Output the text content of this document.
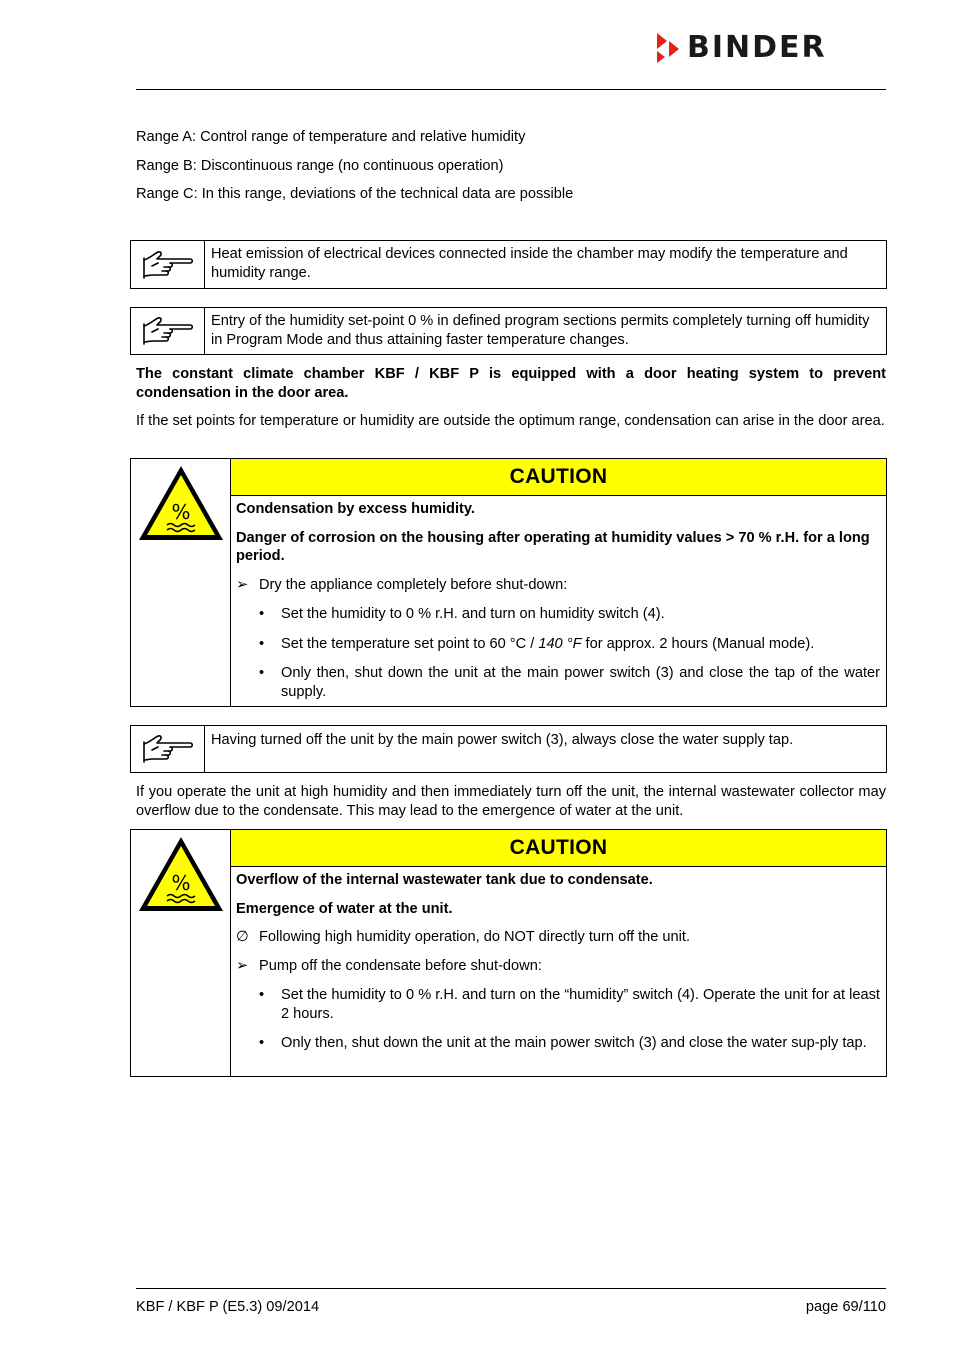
BINDER
Range A: Control range of temperature and relative humidity
Range B: Discontinuous range (no continuous operation)
Range C: In this range, deviations of the technical data are possible
Heat emission of electrical devices connected inside the chamber may modify the temperature and humidity range.
Entry of the humidity set-point 0 % in defined program sections permits completely turning off humidity in Program Mode and thus attaining faster temperature changes.
The constant climate chamber KBF / KBF P is equipped with a door heating system to prevent condensation in the door area.
If the set points for temperature or humidity are outside the optimum range, condensation can arise in the door area.
%
CAUTION

Condensation by excess humidity.

Danger of corrosion on the housing after operating at humidity values > 70 % r.H. for a long period.

➢ Dry the appliance completely before shut-down:
•	Set the humidity to 0 % r.H. and turn on humidity switch (4).
•	Set the temperature set point to 60 °C / 140 °F for approx. 2 hours (Manual mode).
•	Only then, shut down the unit at the main power switch (3) and close the tap of the water supply.
Having turned off the unit by the main power switch (3), always close the water supply tap.
If you operate the unit at high humidity and then immediately turn off the unit, the internal wastewater collector may overflow due to the condensate. This may lead to the emergence of water at the unit.
%
CAUTION

Overflow of the internal wastewater tank due to condensate.

Emergence of water at the unit.

∅ Following high humidity operation, do NOT directly turn off the unit.
➢ Pump off the condensate before shut-down:
•	Set the humidity to 0 % r.H. and turn on the “humidity” switch (4). Operate the unit for at least 2 hours.
•	Only then, shut down the unit at the main power switch (3) and close the water sup-ply tap.
KBF / KBF P (E5.3) 09/2014	page 69/110
